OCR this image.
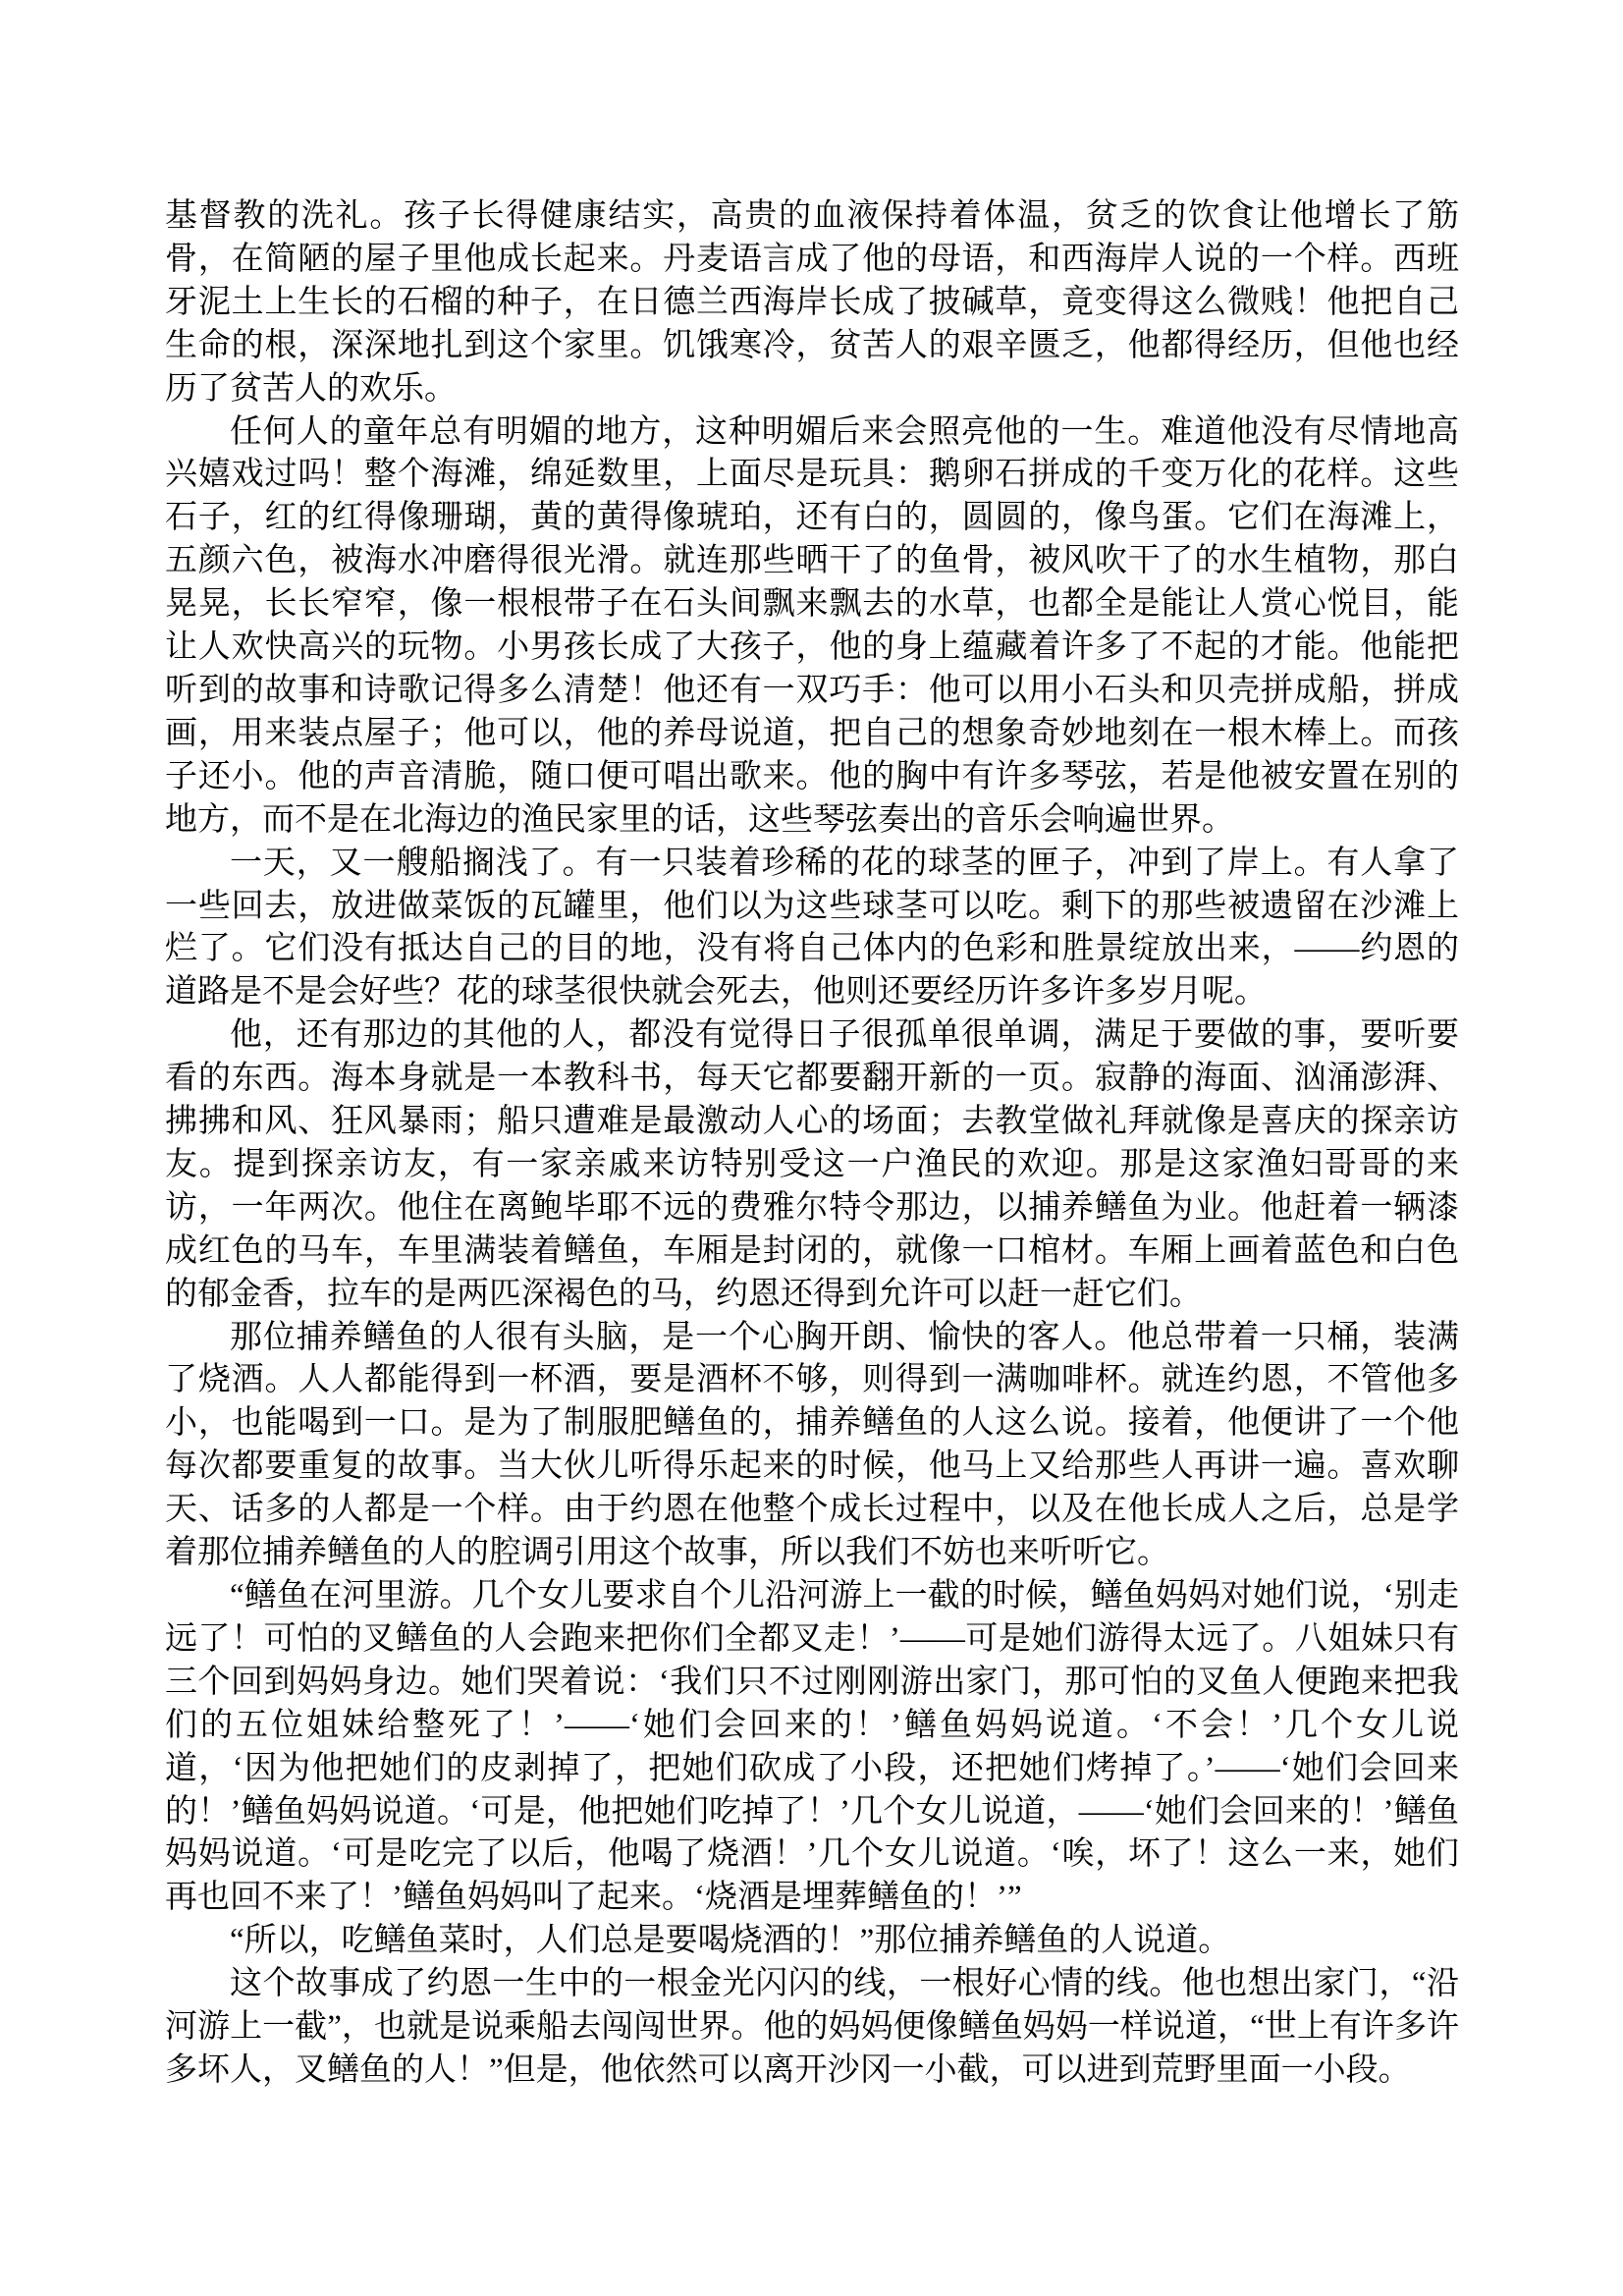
基督教的洗礼。孩子长得健康结实，高贵的血液保持着体温，贫乏的饮食让他增长了筋骨，在简陋的屋子里他成长起来。丹麦语言成了他的母语，和西海岸人说的一个样。西班牙泥土上生长的石榴的种子，在日德兰西海岸长成了披碱草，竟变得这么微贱！他把自己生命的根，深深地扎到这个家里。饥饿寒冷，贫苦人的艰辛匮乏，他都得经历，但他也经历了贫苦人的欢乐。

任何人的童年总有明媚的地方，这种明媚后来会照亮他的一生。难道他没有尽情地高兴嬉戏过吗！整个海滩，绵延数里，上面尽是玩具：鹅卵石拼成的千变万化的花样。这些石子，红的红得像珊瑚，黄的黄得像琥珀，还有白的，圆圆的，像鸟蛋。它们在海滩上，五颜六色，被海水冲磨得很光滑。就连那些晒干了的鱼骨，被风吹干了的水生植物，那白晃晃，长长窄窄，像一根根带子在石头间飘来飘去的水草，也都全是能让人赏心悦目，能让人欢快高兴的玩物。小男孩长成了大孩子，他的身上蕴藏着许多了不起的才能。他能把听到的故事和诗歌记得多么清楚！他还有一双巧手：他可以用小石头和贝壳拼成船，拼成画，用来装点屋子；他可以，他的养母说道，把自己的想象奇妙地刻在一根木棒上。而孩子还小。他的声音清脆，随口便可唱出歌来。他的胸中有许多琴弦，若是他被安置在别的地方，而不是在北海边的渔民家里的话，这些琴弦奏出的音乐会响遍世界。

一天，又一艘船搁浅了。有一只装着珍稀的花的球茎的匣子，冲到了岸上。有人拿了一些回去，放进做菜饭的瓦罐里，他们以为这些球茎可以吃。剩下的那些被遗留在沙滩上烂了。它们没有抵达自己的目的地，没有将自己体内的色彩和胜景绽放出来，——约恩的道路是不是会好些？花的球茎很快就会死去，他则还要经历许多许多岁月呢。

他，还有那边的其他的人，都没有觉得日子很孤单很单调，满足于要做的事，要听要看的东西。海本身就是一本教科书，每天它都要翻开新的一页。寂静的海面、汹涌澎湃、拂拂和风、狂风暴雨；船只遭难是最激动人心的场面；去教堂做礼拜就像是喜庆的探亲访友。提到探亲访友，有一家亲戚来访特别受这一户渔民的欢迎。那是这家渔妇哥哥的来访，一年两次。他住在离鲍毕耶不远的费雅尔特令那边，以捕养鳝鱼为业。他赶着一辆漆成红色的马车，车里满装着鳝鱼，车厢是封闭的，就像一口棺材。车厢上画着蓝色和白色的郁金香，拉车的是两匹深褐色的马，约恩还得到允许可以赶一赶它们。

那位捕养鳝鱼的人很有头脑，是一个心胸开朗、愉快的客人。他总带着一只桶，装满了烧酒。人人都能得到一杯酒，要是酒杯不够，则得到一满咖啡杯。就连约恩，不管他多小，也能喝到一口。是为了制服肥鳝鱼的，捕养鳝鱼的人这么说。接着，他便讲了一个他每次都要重复的故事。当大伙儿听得乐起来的时候，他马上又给那些人再讲一遍。喜欢聊天、话多的人都是一个样。由于约恩在他整个成长过程中，以及在他长成人之后，总是学着那位捕养鳝鱼的人的腔调引用这个故事，所以我们不妨也来听听它。

“鳝鱼在河里游。几个女儿要求自个儿沿河游上一截的时候，鳝鱼妈妈对她们说，‘别走远了！可怕的叉鳝鱼的人会跑来把你们全都叉走！’——可是她们游得太远了。八姐妹只有三个回到妈妈身边。她们哭着说：‘我们只不过刚刚游出家门，那可怕的叉鱼人便跑来把我们的五位姐妹给整死了！’——‘她们会回来的！’鳝鱼妈妈说道。‘不会！’几个女儿说道，‘因为他把她们的皮剥掉了，把她们砍成了小段，还把她们烤掉了。’——‘她们会回来的！’鳝鱼妈妈说道。‘可是，他把她们吃掉了！’几个女儿说道，——‘她们会回来的！’鳝鱼妈妈说道。‘可是吃完了以后，他喝了烧酒！’几个女儿说道。‘唉，坏了！这么一来，她们再也回不来了！’鳝鱼妈妈叫了起来。‘烧酒是埋葬鳝鱼的！’”

“所以，吃鳝鱼菜时，人们总是要喝烧酒的！”那位捕养鳝鱼的人说道。

这个故事成了约恩一生中的一根金光闪闪的线，一根好心情的线。他也想出家门，“沿河游上一截”，也就是说乘船去闯闯世界。他的妈妈便像鳝鱼妈妈一样说道，“世上有许多许多坏人，叉鳝鱼的人！”但是，他依然可以离开沙冈一小截，可以进到荒野里面一小段。
